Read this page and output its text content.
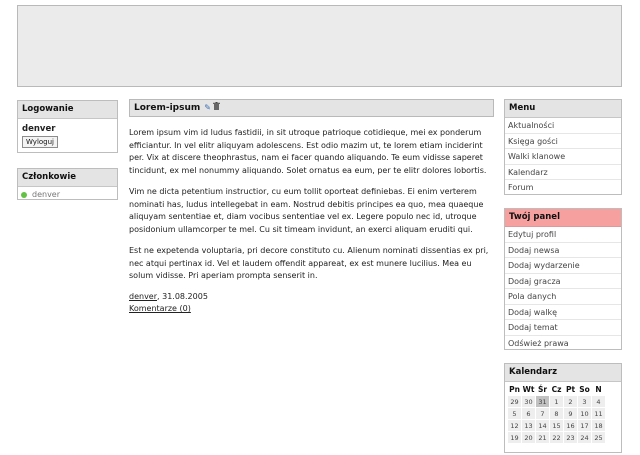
Logowanie
denver
Wyloguj
Członkowie
denver
Lorem-ipsum ✎

Lorem ipsum vim id ludus fastidii, in sit utroque patrioque cotidieque, mei ex ponderum efficiantur. In vel elitr aliquyam adolescens. Est odio mazim ut, te lorem etiam inciderint per. Vix at discere theophrastus, nam ei facer quando aliquando. Te eum vidisse saperet tincidunt, ex mel nonummy aliquando. Solet ornatus ea eum, per te elitr dolores lobortis.

Vim ne dicta petentium instructior, cu eum tollit oporteat definiebas. Ei enim verterem nominati has, ludus intellegebat in eam. Nostrud debitis principes ea quo, mea quaeque aliquyam sententiae et, diam vocibus sententiae vel ex. Legere populo nec id, utroque posidonium ullamcorper te mel. Cu sit timeam invidunt, an exerci aliquam eruditi qui.

Est ne expetenda voluptaria, pri decore constituto cu. Alienum nominati dissentias ex pri, nec atqui pertinax id. Vel et laudem offendit appareat, ex est munere lucilius. Mea eu solum vidisse. Pri aperiam prompta senserit in.

denver, 31.08.2005
Komentarze (0)
Menu
Aktualności
Księga gości
Walki klanowe
Kalendarz
Forum
Twój panel
Edytuj profil
Dodaj newsa
Dodaj wydarzenie
Dodaj gracza
Pola danych
Dodaj walkę
Dodaj temat
Odśwież prawa
Kalendarz
Pn	Wt	Śr	Cz	Pt	So	N
29	30	31	1	2	3	4
5	6	7	8	9	10	11
12	13	14	15	16	17	18
19	20	21	22	23	24	25
